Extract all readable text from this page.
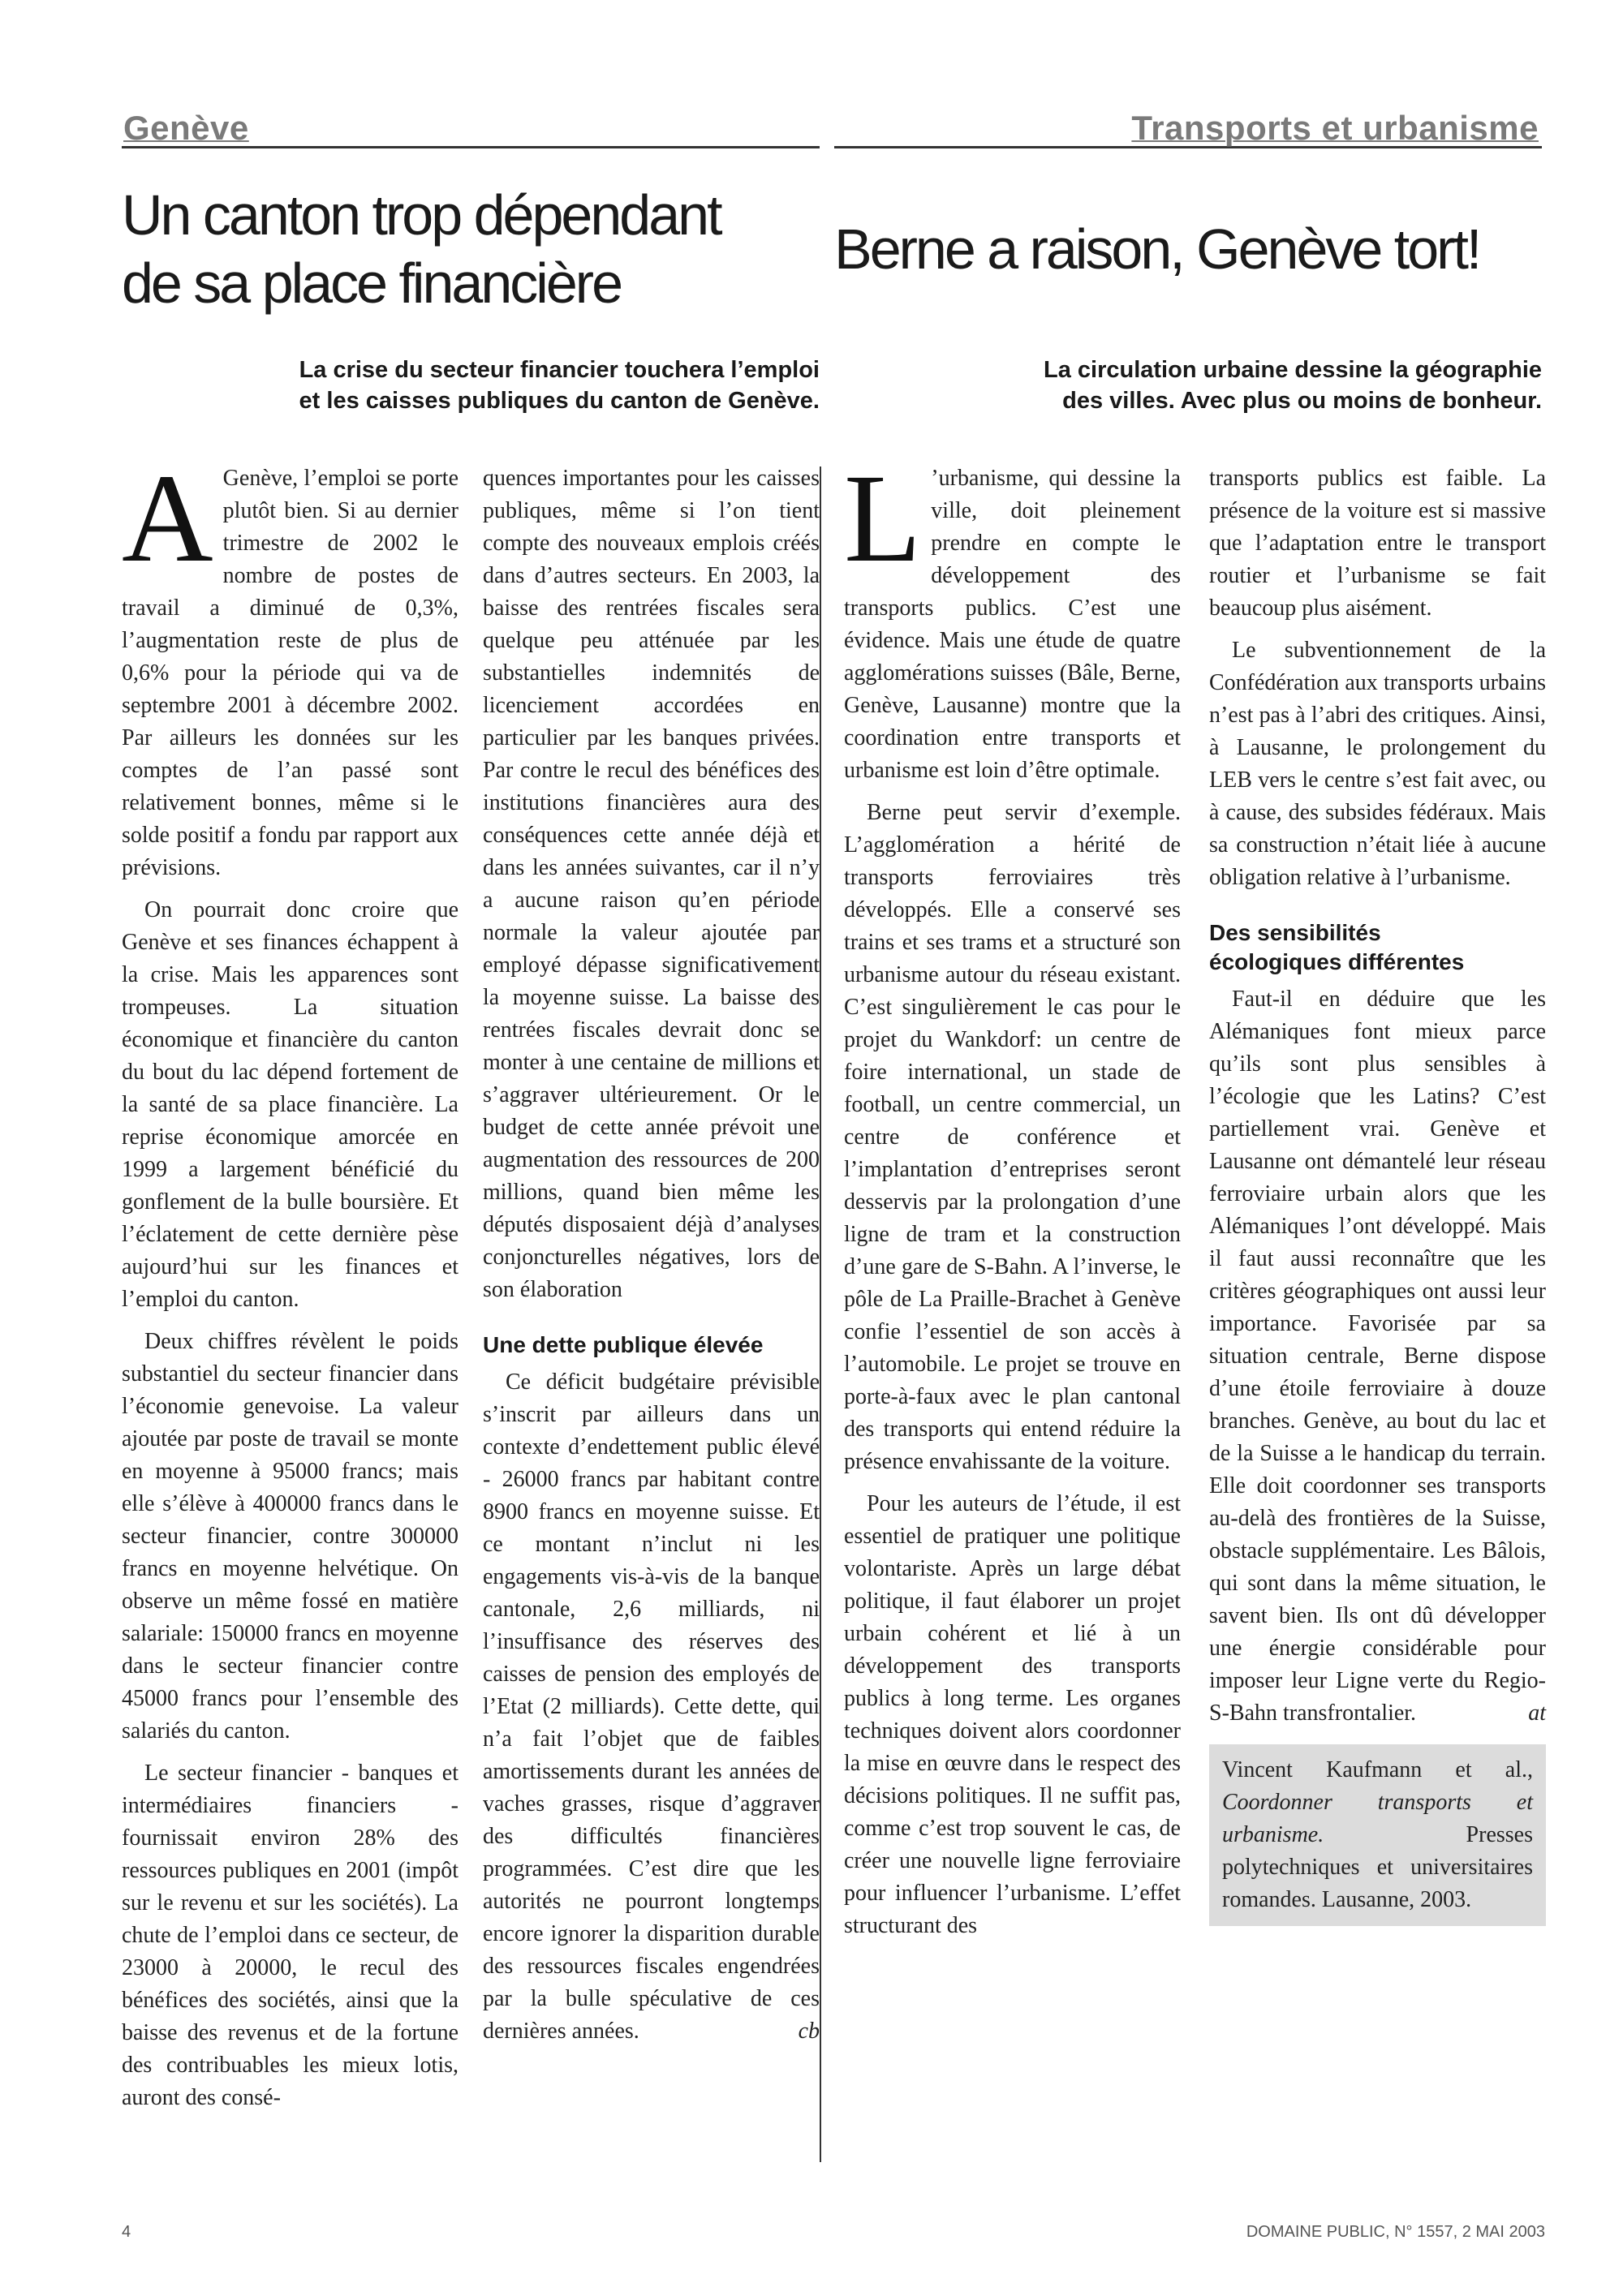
Genève
Un canton trop dépendant
de sa place financière

La crise du secteur financier touchera l’emploi
et les caisses publiques du canton de Genève.

A Genève, l’emploi se porte plutôt bien. Si au dernier trimestre de 2002 le nombre de postes de travail a diminué de 0,3%, l’augmentation reste de plus de 0,6% pour la période qui va de septembre 2001 à décembre 2002. Par ailleurs les données sur les comptes de l’an passé sont relativement bonnes, même si le solde positif a fondu par rapport aux prévisions.

On pourrait donc croire que Genève et ses finances échappent à la crise. Mais les apparences sont trompeuses. La situation économique et financière du canton du bout du lac dépend fortement de la santé de sa place financière. La reprise économique amorcée en 1999 a largement bénéficié du gonflement de la bulle boursière. Et l’éclatement de cette dernière pèse aujourd’hui sur les finances et l’emploi du canton.

Deux chiffres révèlent le poids substantiel du secteur financier dans l’économie genevoise. La valeur ajoutée par poste de travail se monte en moyenne à 95000 francs; mais elle s’élève à 400000 francs dans le secteur financier, contre 300000 francs en moyenne helvétique. On observe un même fossé en matière salariale: 150000 francs en moyenne dans le secteur financier contre 45000 francs pour l’ensemble des salariés du canton.

Le secteur financier - banques et intermédiaires financiers - fournissait environ 28% des ressources publiques en 2001 (impôt sur le revenu et sur les sociétés). La chute de l’emploi dans ce secteur, de 23000 à 20000, le recul des bénéfices des sociétés, ainsi que la baisse des revenus et de la fortune des contribuables les mieux lotis, auront des consé-

quences importantes pour les caisses publiques, même si l’on tient compte des nouveaux emplois créés dans d’autres secteurs. En 2003, la baisse des rentrées fiscales sera quelque peu atténuée par les substantielles indemnités de licenciement accordées en particulier par les banques privées. Par contre le recul des bénéfices des institutions financières aura des conséquences cette année déjà et dans les années suivantes, car il n’y a aucune raison qu’en période normale la valeur ajoutée par employé dépasse significativement la moyenne suisse. La baisse des rentrées fiscales devrait donc se monter à une centaine de millions et s’aggraver ultérieurement. Or le budget de cette année prévoit une augmentation des ressources de 200 millions, quand bien même les députés disposaient déjà d’analyses conjoncturelles négatives, lors de son élaboration

Une dette publique élevée

Ce déficit budgétaire prévisible s’inscrit par ailleurs dans un contexte d’endettement public élevé - 26000 francs par habitant contre 8900 francs en moyenne suisse. Et ce montant n’inclut ni les engagements vis-à-vis de la banque cantonale, 2,6 milliards, ni l’insuffisance des réserves des caisses de pension des employés de l’Etat (2 milliards). Cette dette, qui n’a fait l’objet que de faibles amortissements durant les années de vaches grasses, risque d’aggraver des difficultés financières programmées. C’est dire que les autorités ne pourront longtemps encore ignorer la disparition durable des ressources fiscales engendrées par la bulle spéculative de ces dernières années.	cb
Transports et urbanisme
Berne a raison, Genève tort!

La circulation urbaine dessine la géographie
des villes. Avec plus ou moins de bonheur.

L ’urbanisme, qui dessine la ville, doit pleinement prendre en compte le développement des transports publics. C’est une évidence. Mais une étude de quatre agglomérations suisses (Bâle, Berne, Genève, Lausanne) montre que la coordination entre transports et urbanisme est loin d’être optimale.

Berne peut servir d’exemple. L’agglomération a hérité de transports ferroviaires très développés. Elle a conservé ses trains et ses trams et a structuré son urbanisme autour du réseau existant. C’est singulièrement le cas pour le projet du Wankdorf: un centre de foire international, un stade de football, un centre commercial, un centre de conférence et l’implantation d’entreprises seront desservis par la prolongation d’une ligne de tram et la construction d’une gare de S-Bahn. A l’inverse, le pôle de La Praille-Brachet à Genève confie l’essentiel de son accès à l’automobile. Le projet se trouve en porte-à-faux avec le plan cantonal des transports qui entend réduire la présence envahissante de la voiture.

Pour les auteurs de l’étude, il est essentiel de pratiquer une politique volontariste. Après un large débat politique, il faut élaborer un projet urbain cohérent et lié à un développement des transports publics à long terme. Les organes techniques doivent alors coordonner la mise en œuvre dans le respect des décisions politiques. Il ne suffit pas, comme c’est trop souvent le cas, de créer une nouvelle ligne ferroviaire pour influencer l’urbanisme. L’effet structurant des

transports publics est faible. La présence de la voiture est si massive que l’adaptation entre le transport routier et l’urbanisme se fait beaucoup plus aisément.

Le subventionnement de la Confédération aux transports urbains n’est pas à l’abri des critiques. Ainsi, à Lausanne, le prolongement du LEB vers le centre s’est fait avec, ou à cause, des subsides fédéraux. Mais sa construction n’était liée à aucune obligation relative à l’urbanisme.

Des sensibilités
écologiques différentes

Faut-il en déduire que les Alémaniques font mieux parce qu’ils sont plus sensibles à l’écologie que les Latins? C’est partiellement vrai. Genève et Lausanne ont démantelé leur réseau ferroviaire urbain alors que les Alémaniques l’ont développé. Mais il faut aussi reconnaître que les critères géographiques ont aussi leur importance. Favorisée par sa situation centrale, Berne dispose d’une étoile ferroviaire à douze branches. Genève, au bout du lac et de la Suisse a le handicap du terrain. Elle doit coordonner ses transports au-delà des frontières de la Suisse, obstacle supplémentaire. Les Bâlois, qui sont dans la même situation, le savent bien. Ils ont dû développer une énergie considérable pour imposer leur Ligne verte du Regio-S-Bahn transfrontalier.	at
Vincent Kaufmann et al., Coordonner transports et urbanisme. Presses polytechniques et universitaires romandes. Lausanne, 2003.
4	DOMAINE PUBLIC, N° 1557, 2 MAI 2003
